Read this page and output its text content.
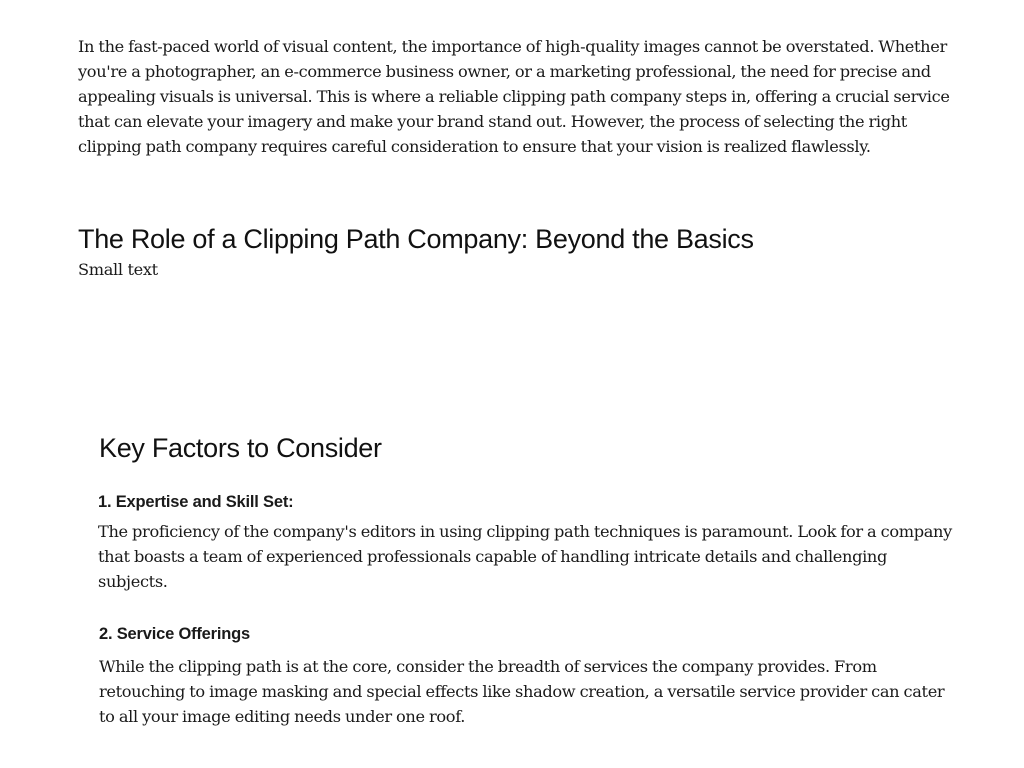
In the fast-paced world of visual content, the importance of high-quality images cannot be overstated. Whether you're a photographer, an e-commerce business owner, or a marketing professional, the need for precise and appealing visuals is universal. This is where a reliable clipping path company steps in, offering a crucial service that can elevate your imagery and make your brand stand out. However, the process of selecting the right clipping path company requires careful consideration to ensure that your vision is realized flawlessly.

The Role of a Clipping Path Company: Beyond the Basics

Small text

Key Factors to Consider
1. Expertise and Skill Set:

The proficiency of the company's editors in using clipping path techniques is paramount. Look for a company that boasts a team of experienced professionals capable of handling intricate details and challenging subjects.

2. Service Offerings

While the clipping path is at the core, consider the breadth of services the company provides. From retouching to image masking and special effects like shadow creation, a versatile service provider can cater to all your image editing needs under one roof.
